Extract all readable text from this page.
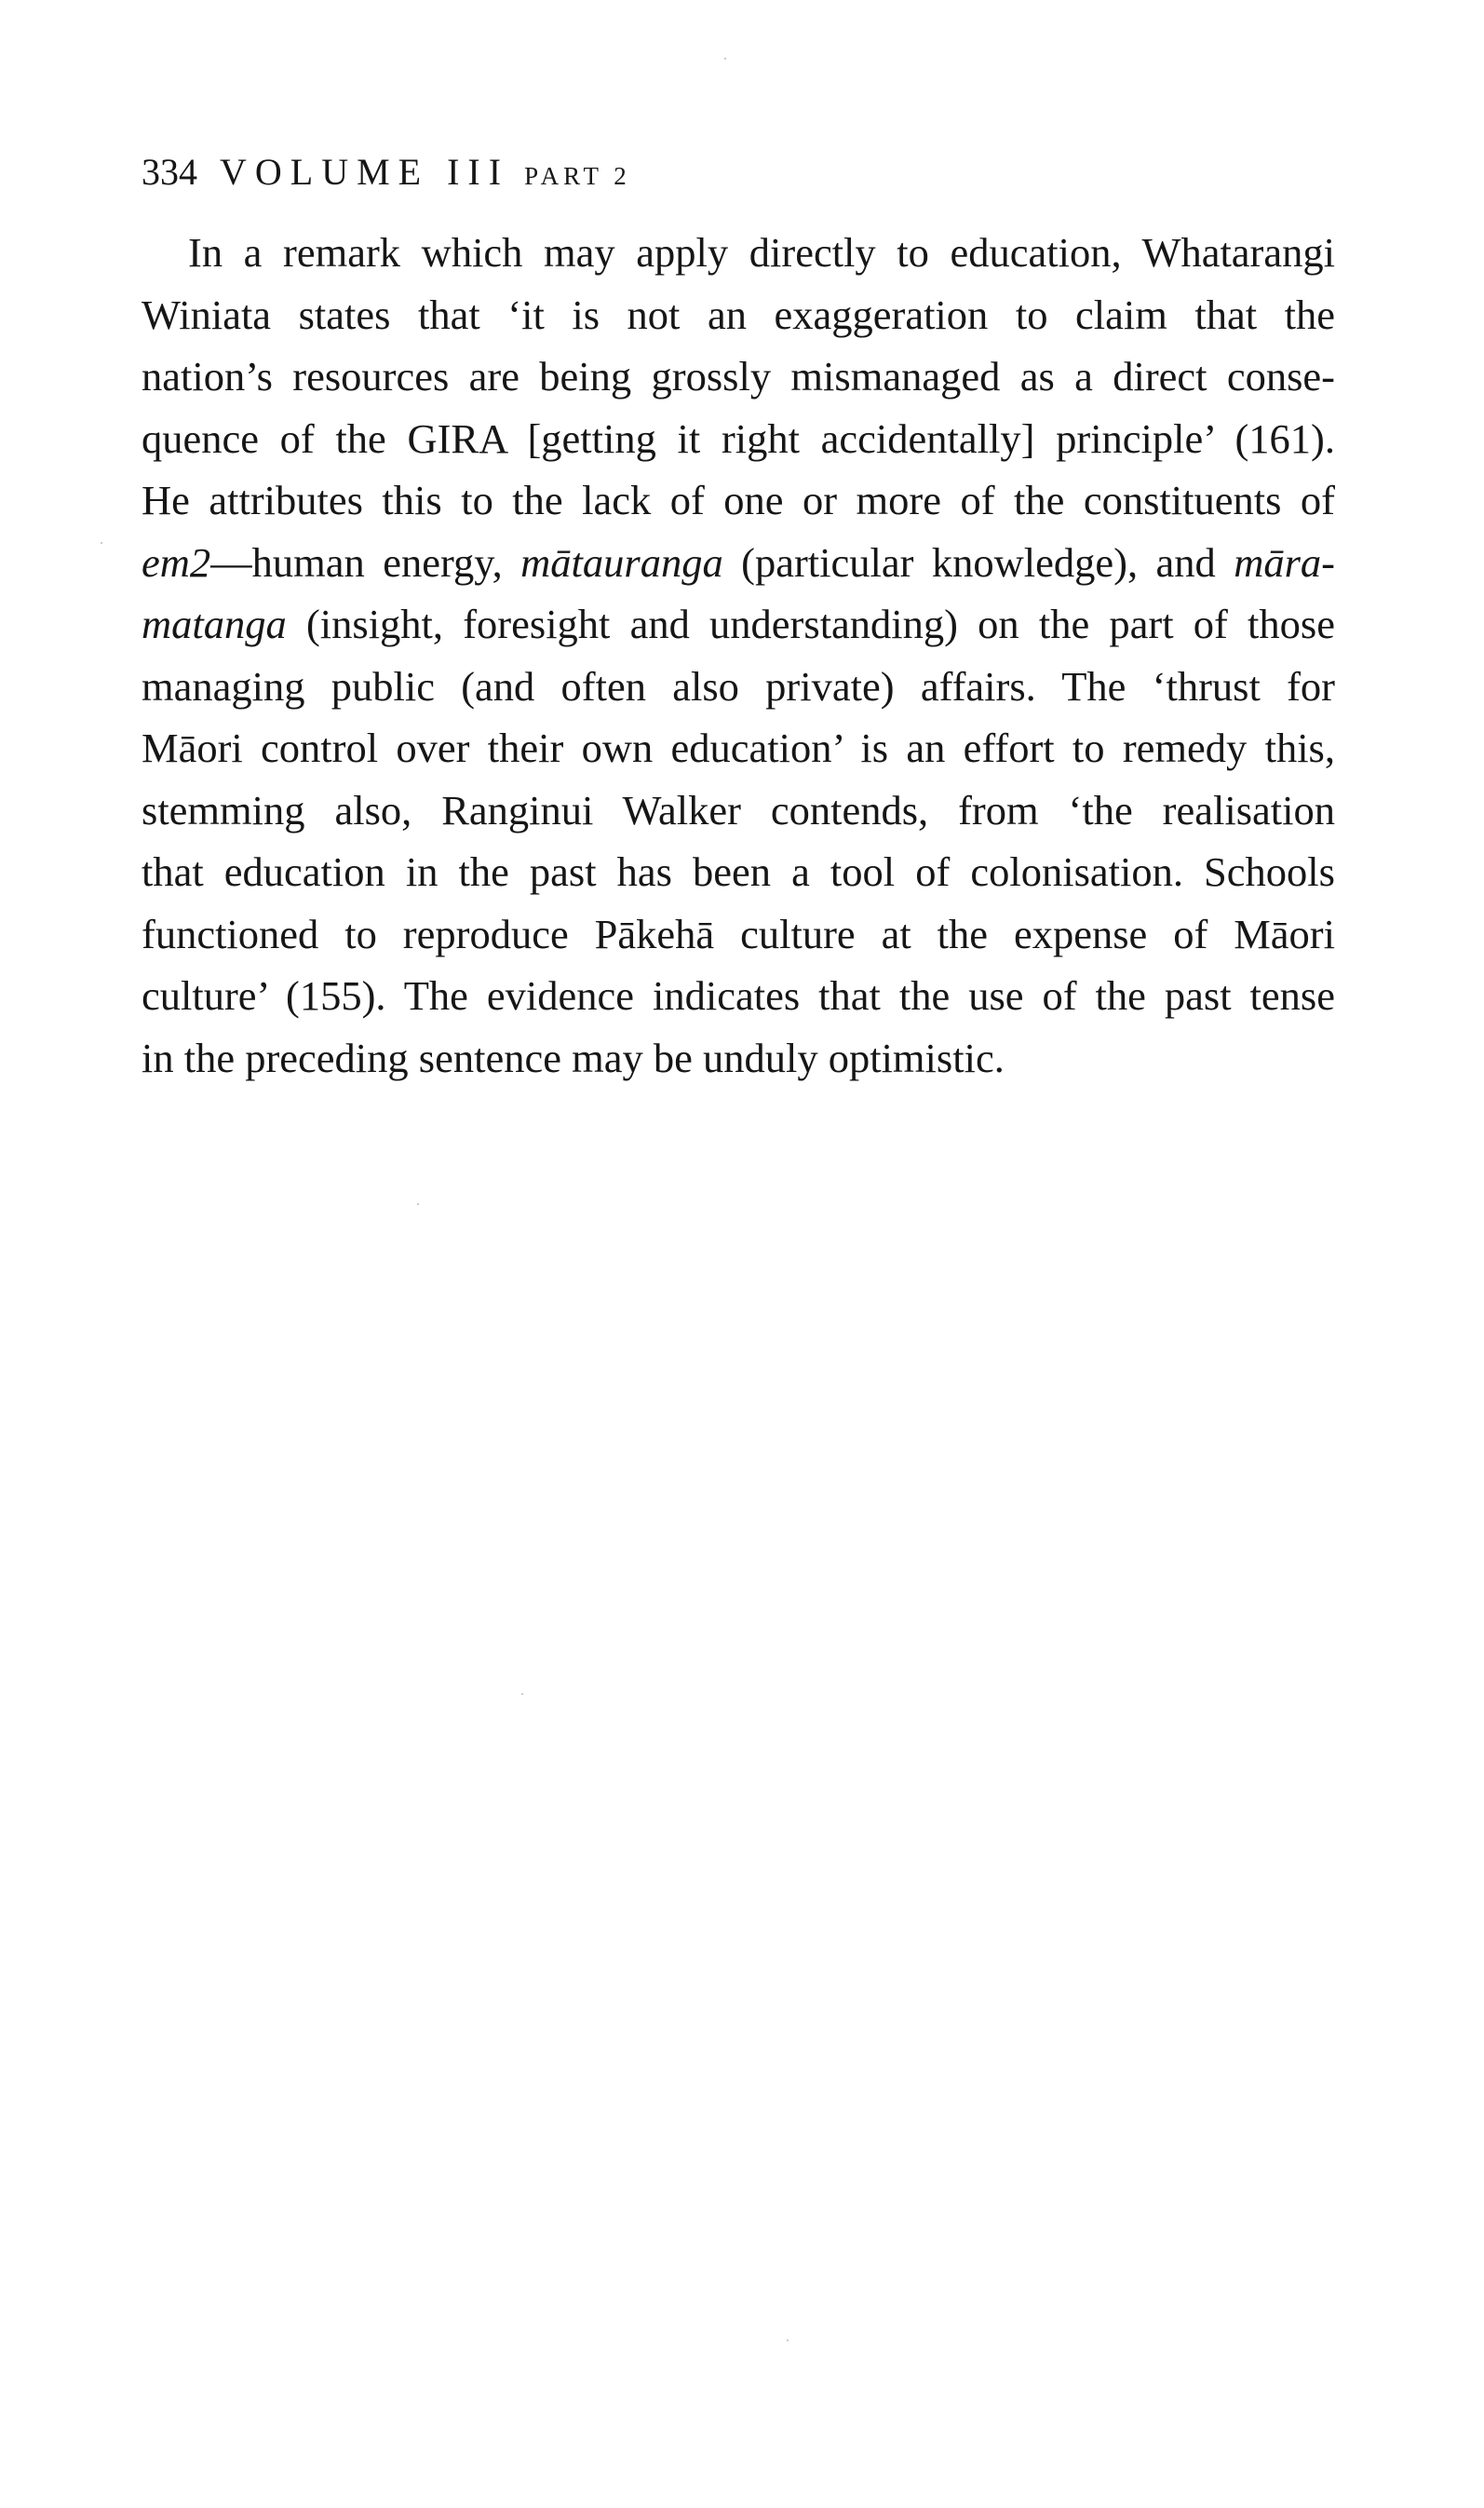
334 VOLUME III PART 2
In a remark which may apply directly to education, Whatarangi
Winiata states that ‘it is not an exaggeration to claim that the
nation’s resources are being grossly mismanaged as a direct conse-
quence of the GIRA [getting it right accidentally] principle’ (161).
He attributes this to the lack of one or more of the constituents of
em2—human energy, mātauranga (particular knowledge), and māra-
matanga (insight, foresight and understanding) on the part of those
managing public (and often also private) affairs. The ‘thrust for
Māori control over their own education’ is an effort to remedy this,
stemming also, Ranginui Walker contends, from ‘the realisation
that education in the past has been a tool of colonisation. Schools
functioned to reproduce Pākehā culture at the expense of Māori
culture’ (155). The evidence indicates that the use of the past tense
in the preceding sentence may be unduly optimistic.
